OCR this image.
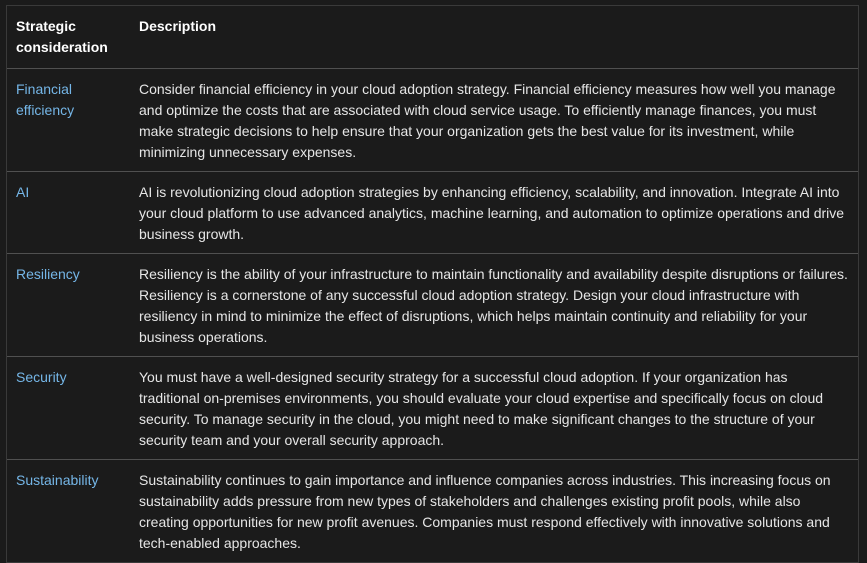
Strategic consideration	Description
Financial efficiency	Consider financial efficiency in your cloud adoption strategy. Financial efficiency measures how well you manage and optimize the costs that are associated with cloud service usage. To efficiently manage finances, you must make strategic decisions to help ensure that your organization gets the best value for its investment, while minimizing unnecessary expenses.
AI	AI is revolutionizing cloud adoption strategies by enhancing efficiency, scalability, and innovation. Integrate AI into your cloud platform to use advanced analytics, machine learning, and automation to optimize operations and drive business growth.
Resiliency	Resiliency is the ability of your infrastructure to maintain functionality and availability despite disruptions or failures. Resiliency is a cornerstone of any successful cloud adoption strategy. Design your cloud infrastructure with resiliency in mind to minimize the effect of disruptions, which helps maintain continuity and reliability for your business operations.
Security	You must have a well-designed security strategy for a successful cloud adoption. If your organization has traditional on-premises environments, you should evaluate your cloud expertise and specifically focus on cloud security. To manage security in the cloud, you might need to make significant changes to the structure of your security team and your overall security approach.
Sustainability	Sustainability continues to gain importance and influence companies across industries. This increasing focus on sustainability adds pressure from new types of stakeholders and challenges existing profit pools, while also creating opportunities for new profit avenues. Companies must respond effectively with innovative solutions and tech-enabled approaches.
